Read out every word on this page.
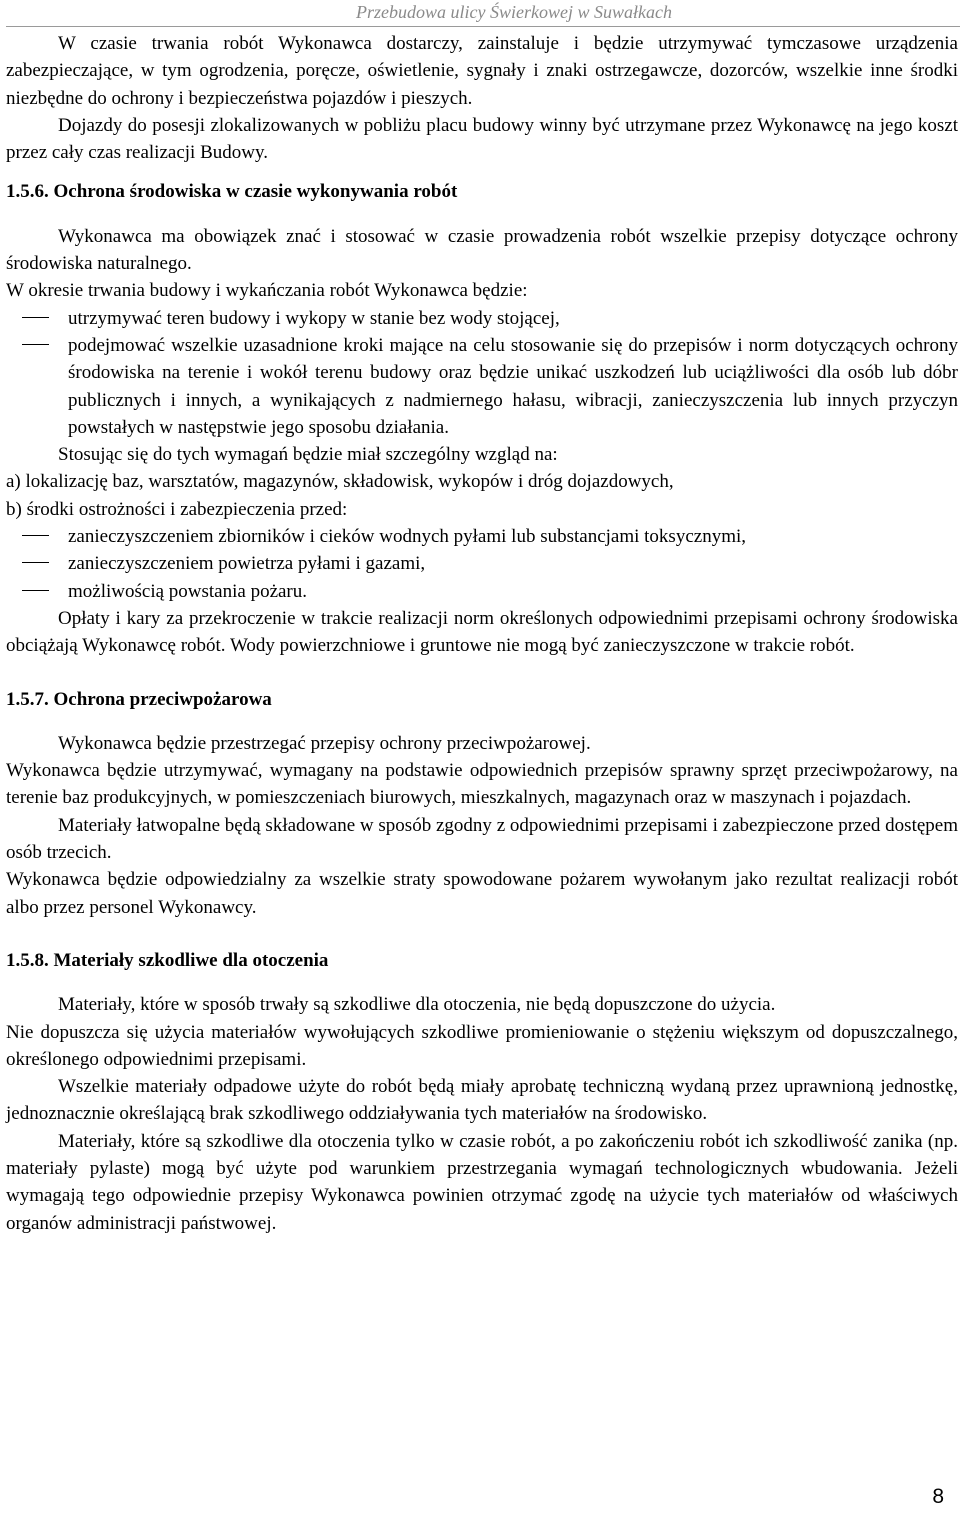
Przebudowa ulicy Świerkowej w Suwałkach

W czasie trwania robót Wykonawca dostarczy, zainstaluje i będzie utrzymywać tymczasowe urządzenia zabezpieczające, w tym ogrodzenia, poręcze, oświetlenie, sygnały i znaki ostrzegawcze, dozorców, wszelkie inne środki niezbędne do ochrony i bezpieczeństwa pojazdów i pieszych.

Dojazdy do posesji zlokalizowanych w pobliżu placu budowy winny być utrzymane przez Wykonawcę na jego koszt przez cały czas realizacji Budowy.

1.5.6. Ochrona środowiska w czasie wykonywania robót

Wykonawca ma obowiązek znać i stosować w czasie prowadzenia robót wszelkie przepisy dotyczące ochrony środowiska naturalnego.

W okresie trwania budowy i wykańczania robót Wykonawca będzie:

utrzymywać teren budowy i wykopy w stanie bez wody stojącej,
podejmować wszelkie uzasadnione kroki mające na celu stosowanie się do przepisów i norm dotyczących ochrony środowiska na terenie i wokół terenu budowy oraz będzie unikać uszkodzeń lub uciążliwości dla osób lub dóbr publicznych i innych, a wynikających z nadmiernego hałasu, wibracji, zanieczyszczenia lub innych przyczyn powstałych w następstwie jego sposobu działania.

Stosując się do tych wymagań będzie miał szczególny wzgląd na:

a) lokalizację baz, warsztatów, magazynów, składowisk, wykopów i dróg dojazdowych,

b) środki ostrożności i zabezpieczenia przed:

zanieczyszczeniem zbiorników i cieków wodnych pyłami lub substancjami toksycznymi,
zanieczyszczeniem powietrza pyłami i gazami,
możliwością powstania pożaru.

Opłaty i kary za przekroczenie w trakcie realizacji norm określonych odpowiednimi przepisami ochrony środowiska obciążają Wykonawcę robót. Wody powierzchniowe i gruntowe nie mogą być zanieczyszczone w trakcie robót.

1.5.7. Ochrona przeciwpożarowa

Wykonawca będzie przestrzegać przepisy ochrony przeciwpożarowej.

Wykonawca będzie utrzymywać, wymagany na podstawie odpowiednich przepisów sprawny sprzęt przeciwpożarowy, na terenie baz produkcyjnych, w pomieszczeniach biurowych, mieszkalnych, magazynach oraz w maszynach i pojazdach.

Materiały łatwopalne będą składowane w sposób zgodny z odpowiednimi przepisami i zabezpieczone przed dostępem osób trzecich.

Wykonawca będzie odpowiedzialny za wszelkie straty spowodowane pożarem wywołanym jako rezultat realizacji robót albo przez personel Wykonawcy.

1.5.8. Materiały szkodliwe dla otoczenia

Materiały, które w sposób trwały są szkodliwe dla otoczenia, nie będą dopuszczone do użycia.

Nie dopuszcza się użycia materiałów wywołujących szkodliwe promieniowanie o stężeniu większym od dopuszczalnego, określonego odpowiednimi przepisami.

Wszelkie materiały odpadowe użyte do robót będą miały aprobatę techniczną wydaną przez uprawnioną jednostkę, jednoznacznie określającą brak szkodliwego oddziaływania tych materiałów na środowisko.

Materiały, które są szkodliwe dla otoczenia tylko w czasie robót, a po zakończeniu robót ich szkodliwość zanika (np. materiały pylaste) mogą być użyte pod warunkiem przestrzegania wymagań technologicznych wbudowania. Jeżeli wymagają tego odpowiednie przepisy Wykonawca powinien otrzymać zgodę na użycie tych materiałów od właściwych organów administracji państwowej.

8
